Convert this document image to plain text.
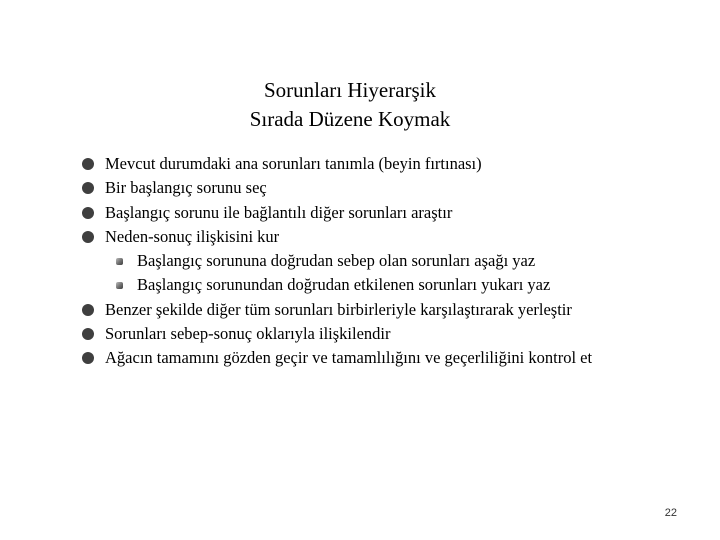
Sorunları Hiyerarşik
Sırada Düzene Koymak
Mevcut durumdaki ana sorunları tanımla (beyin fırtınası)
Bir başlangıç sorunu seç
Başlangıç sorunu ile bağlantılı diğer sorunları araştır
Neden-sonuç ilişkisini kur
Başlangıç sorununa doğrudan sebep olan sorunları aşağı yaz
Başlangıç sorunundan doğrudan etkilenen sorunları yukarı yaz
Benzer şekilde diğer tüm sorunları birbirleriyle karşılaştırarak yerleştir
Sorunları sebep-sonuç oklarıyla ilişkilendir
Ağacın tamamını gözden geçir ve tamamlılığını ve geçerliliğini kontrol et
22
